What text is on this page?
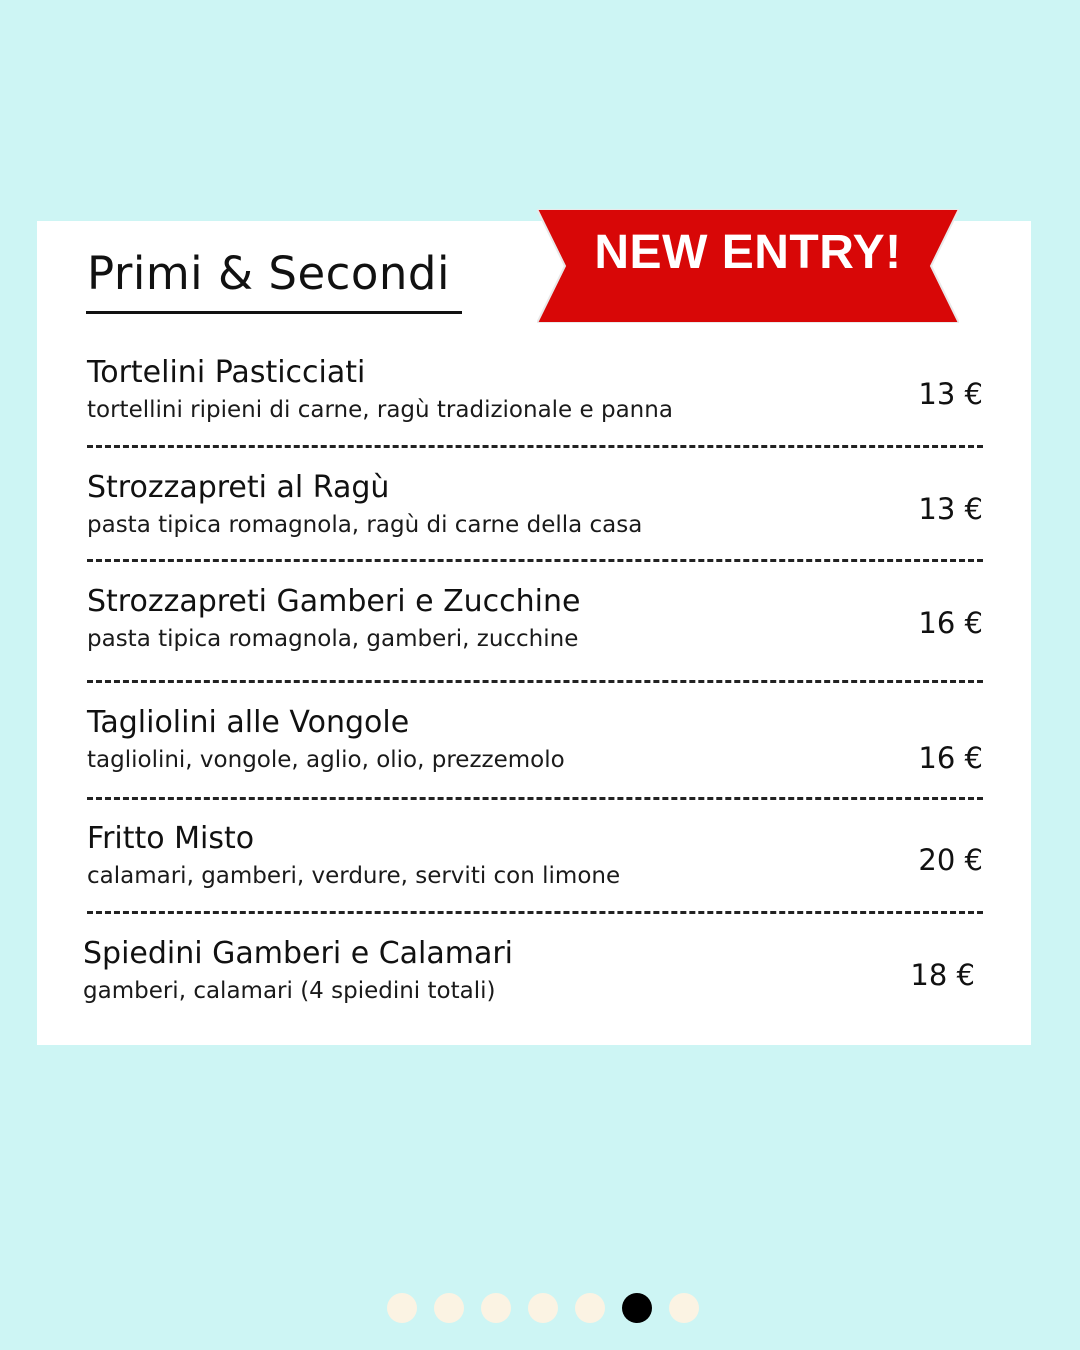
Primi & Secondi	NEW ENTRY!
Tortelini Pasticciati
tortellini ripieni di carne, ragù tradizionale e panna	13 €
Strozzapreti al Ragù
pasta tipica romagnola, ragù di carne della casa	13 €
Strozzapreti Gamberi e Zucchine
pasta tipica romagnola, gamberi, zucchine	16 €
Tagliolini alle Vongole
tagliolini, vongole, aglio, olio, prezzemolo	16 €
Fritto Misto
calamari, gamberi, verdure, serviti con limone	20 €
Spiedini Gamberi e Calamari
gamberi, calamari (4 spiedini totali)	18 €
